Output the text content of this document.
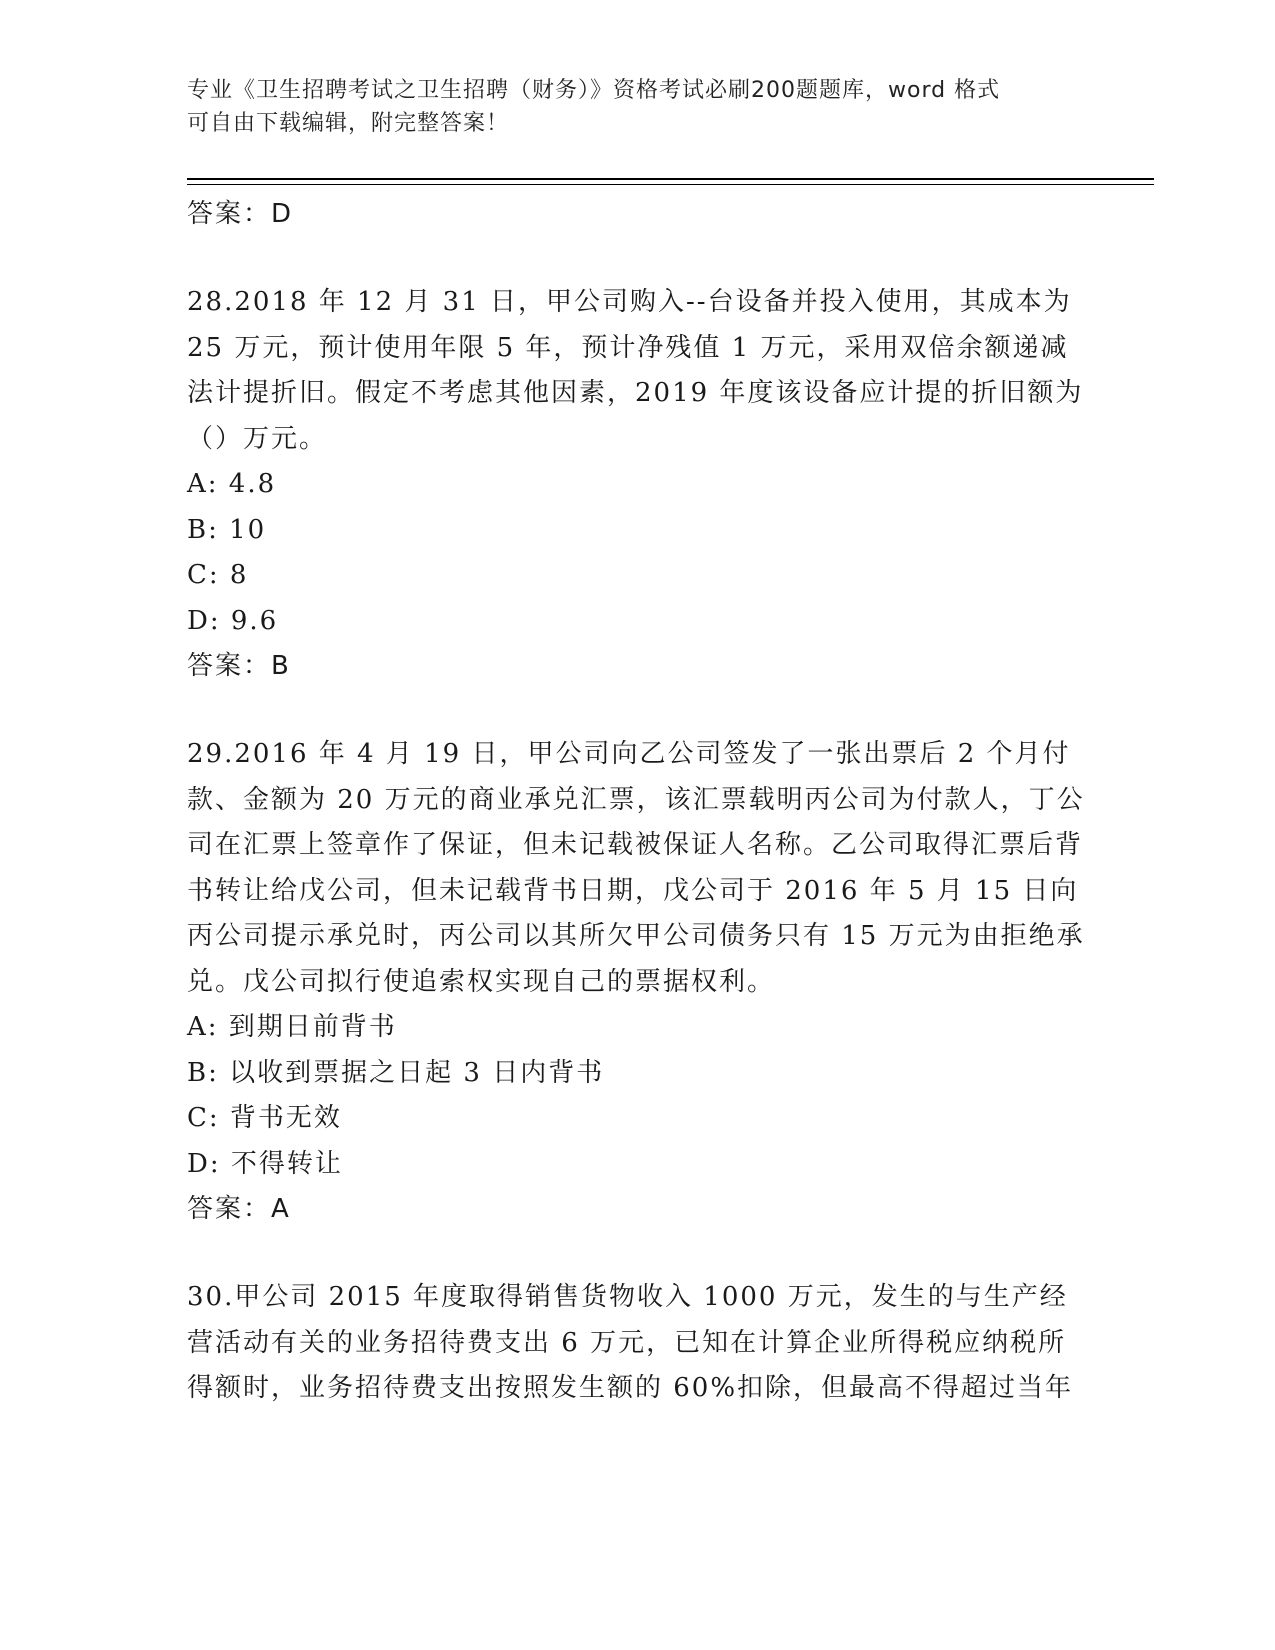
专业《卫生招聘考试之卫生招聘（财务）》资格考试必刷200题题库，word 格式
可自由下载编辑，附完整答案！
答案：D
28.2018 年 12 月 31 日，甲公司购入--台设备并投入使用，其成本为 25 万元，预计使用年限 5 年，预计净残值 1 万元，采用双倍余额递减法计提折旧。假定不考虑其他因素，2019 年度该设备应计提的折旧额为（）万元。
A: 4.8
B: 10
C: 8
D: 9.6
答案：B
29.2016 年 4 月 19 日，甲公司向乙公司签发了一张出票后 2 个月付款、金额为 20 万元的商业承兑汇票，该汇票载明丙公司为付款人，丁公司在汇票上签章作了保证，但未记载被保证人名称。乙公司取得汇票后背书转让给戊公司，但未记载背书日期，戊公司于 2016 年 5 月 15 日向丙公司提示承兑时，丙公司以其所欠甲公司债务只有 15 万元为由拒绝承兑。戊公司拟行使追索权实现自己的票据权利。
A: 到期日前背书
B: 以收到票据之日起 3 日内背书
C: 背书无效
D: 不得转让
答案：A
30.甲公司 2015 年度取得销售货物收入 1000 万元，发生的与生产经营活动有关的业务招待费支出 6 万元，已知在计算企业所得税应纳税所得额时，业务招待费支出按照发生额的 60%扣除，但最高不得超过当年
